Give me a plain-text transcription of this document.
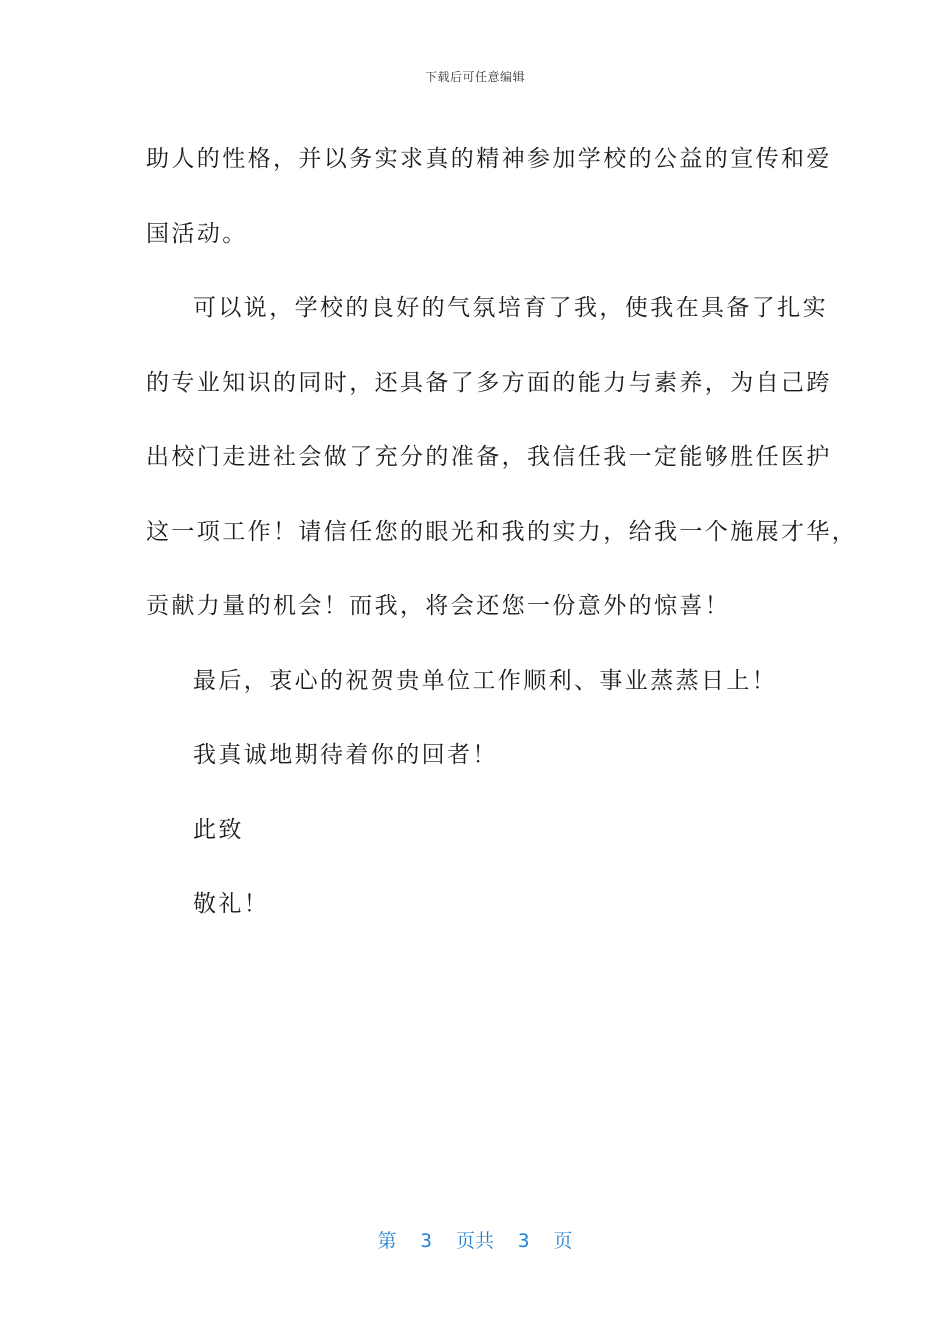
下载后可任意编辑
助人的性格，并以务实求真的精神参加学校的公益的宣传和爱
国活动。
可以说，学校的良好的气氛培育了我，使我在具备了扎实
的专业知识的同时，还具备了多方面的能力与素养，为自己跨
出校门走进社会做了充分的准备，我信任我一定能够胜任医护
这一项工作！请信任您的眼光和我的实力，给我一个施展才华，
贡献力量的机会！而我，将会还您一份意外的惊喜！
最后，衷心的祝贺贵单位工作顺利、事业蒸蒸日上！
我真诚地期待着你的回者！
此致
敬礼！
第 3 页共 3 页
